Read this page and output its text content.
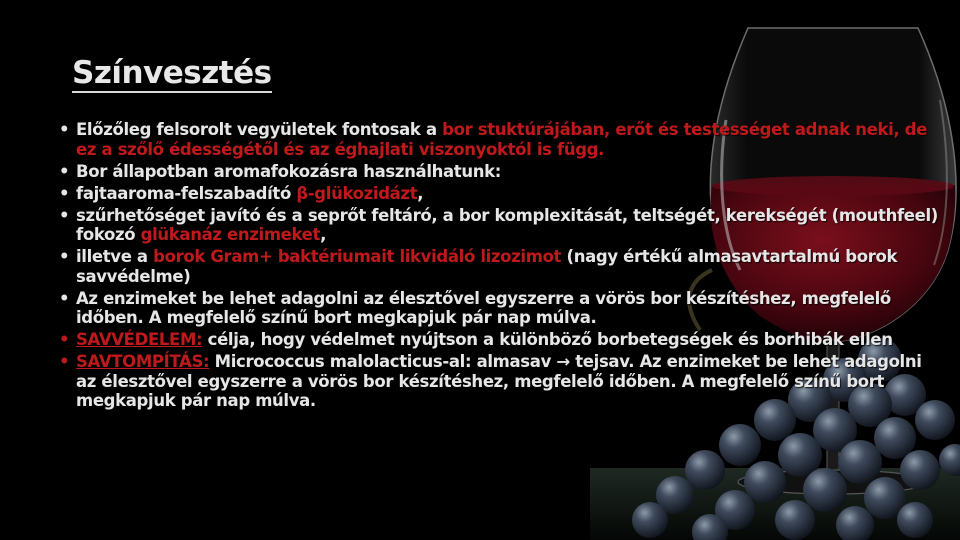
Színvesztés
• Előzőleg felsorolt vegyületek fontosak a bor stuktúrájában, erőt és testességet adnak neki, de ez a szőlő édességétől és az éghajlati viszonyoktól is függ.
• Bor állapotban aromafokozásra használhatunk:
• fajtaaroma-felszabadító β-glükozidázt,
• szűrhetőséget javító és a seprőt feltáró, a bor komplexitását, teltségét, kerekségét (mouthfeel) fokozó glükanáz enzimeket,
• illetve a borok Gram+ baktériumait likvidáló lizozimot (nagy értékű almasavtartalmú borok savvédelme)
• Az enzimeket be lehet adagolni az élesztővel egyszerre a vörös bor készítéshez, megfelelő időben. A megfelelő színű bort megkapjuk pár nap múlva.
• SAVVÉDELEM: célja, hogy védelmet nyújtson a különböző borbetegségek és borhibák ellen
• SAVTOMPÍTÁS: Micrococcus malolacticus-al: almasav → tejsav. Az enzimeket be lehet adagolni az élesztővel egyszerre a vörös bor készítéshez, megfelelő időben. A megfelelő színű bort megkapjuk pár nap múlva.
